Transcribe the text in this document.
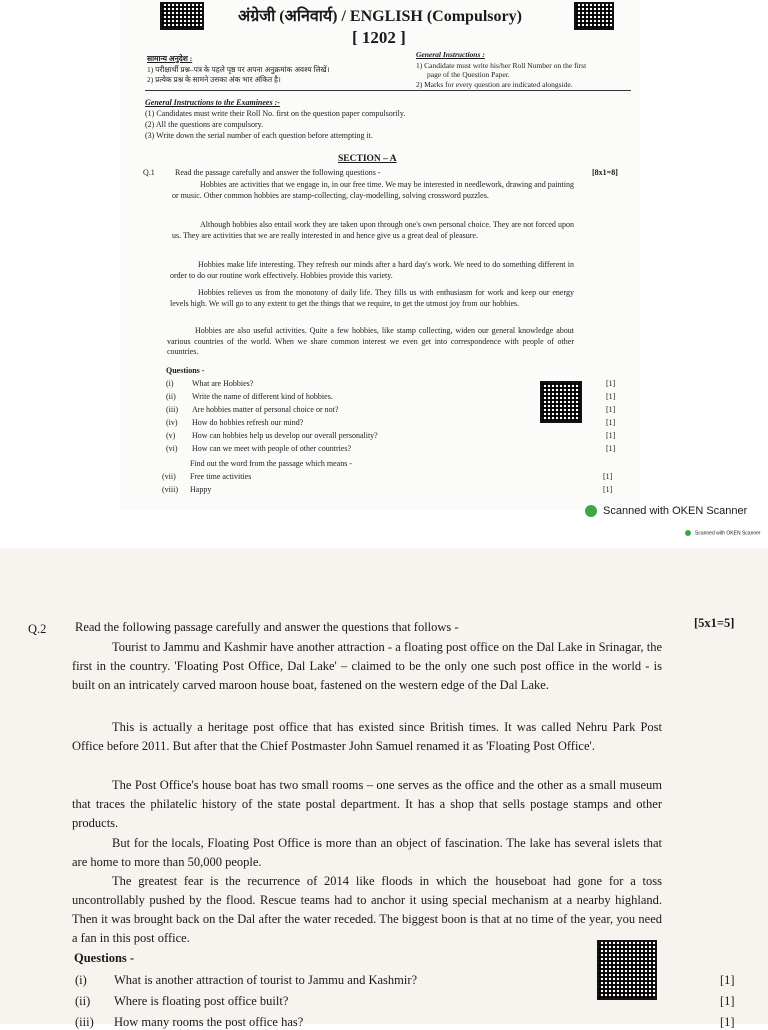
अंग्रेजी (अनिवार्य) / ENGLISH (Compulsory)
[ 1202 ]
सामान्य अनुदेश :
1) परीक्षार्थी प्रश्न–पत्र के पहले पृष्ठ पर अपना अनुक्रमांक अवश्य लिखें।
2) प्रत्येक प्रश्न के सामने उसका अंक भार अंकित है।
General Instructions :
1) Candidate must write his/her Roll Number on the first
page of the Question Paper.
2) Marks for every question are indicated alongside.
General Instructions to the Examinees :-
(1) Candidates must write their Roll No. first on the question paper compulsorily.
(2) All the questions are compulsory.
(3) Write down the serial number of each question before attempting it.
SECTION – A
Q.1	Read the passage carefully and answer the following questions -	[8x1=8]
Hobbies are activities that we engage in, in our free time. We may be interested in needlework, drawing and painting or music. Other common hobbies are stamp-collecting, clay-modelling, solving crossword puzzles.
Although hobbies also entail work they are taken upon through one's own personal choice. They are not forced upon us. They are activities that we are really interested in and hence give us a great deal of pleasure.
Hobbies make life interesting. They refresh our minds after a hard day's work. We need to do something different in order to do our routine work effectively. Hobbies provide this variety.
Hobbies relieves us from the monotony of daily life. They fills us with enthusiasm for work and keep our energy levels high. We will go to any extent to get the things that we require, to get the utmost joy from our hobbies.
Hobbies are also useful activities. Quite a few hobbies, like stamp collecting, widen our general knowledge about various countries of the world. When we share common interest we even get into correspondence with people of other countries.
Questions -
(i) What are Hobbies?	[1]
(ii) Write the name of different kind of hobbies.	[1]
(iii) Are hobbies matter of personal choice or not?	[1]
(iv) How do hobbies refresh our mind?	[1]
(v) How can hobbies help us develop our overall personality?	[1]
(vi) How can we meet with people of other countries?	[1]
Find out the word from the passage which means -
(vii) Free time activities	[1]
(viii) Happy	[1]
Scanned with OKEN Scanner
Scanned with OKEN Scanner
Q.2 Read the following passage carefully and answer the questions that follows -	[5x1=5]
Tourist to Jammu and Kashmir have another attraction - a floating post office on the Dal Lake in Srinagar, the first in the country. 'Floating Post Office, Dal Lake' – claimed to be the only one such post office in the world - is built on an intricately carved maroon house boat, fastened on the western edge of the Dal Lake.
This is actually a heritage post office that has existed since British times. It was called Nehru Park Post Office before 2011. But after that the Chief Postmaster John Samuel renamed it as 'Floating Post Office'.
The Post Office's house boat has two small rooms – one serves as the office and the other as a small museum that traces the philatelic history of the state postal department. It has a shop that sells postage stamps and other products.
But for the locals, Floating Post Office is more than an object of fascination. The lake has several islets that are home to more than 50,000 people.
The greatest fear is the recurrence of 2014 like floods in which the houseboat had gone for a toss uncontrollably pushed by the flood. Rescue teams had to anchor it using special mechanism at a nearby highland. Then it was brought back on the Dal after the water receded. The biggest boon is that at no time of the year, you need a fan in this post office.
Questions -
(i) What is another attraction of tourist to Jammu and Kashmir?	[1]
(ii) Where is floating post office built?	[1]
(iii) How many rooms the post office has?	[1]
